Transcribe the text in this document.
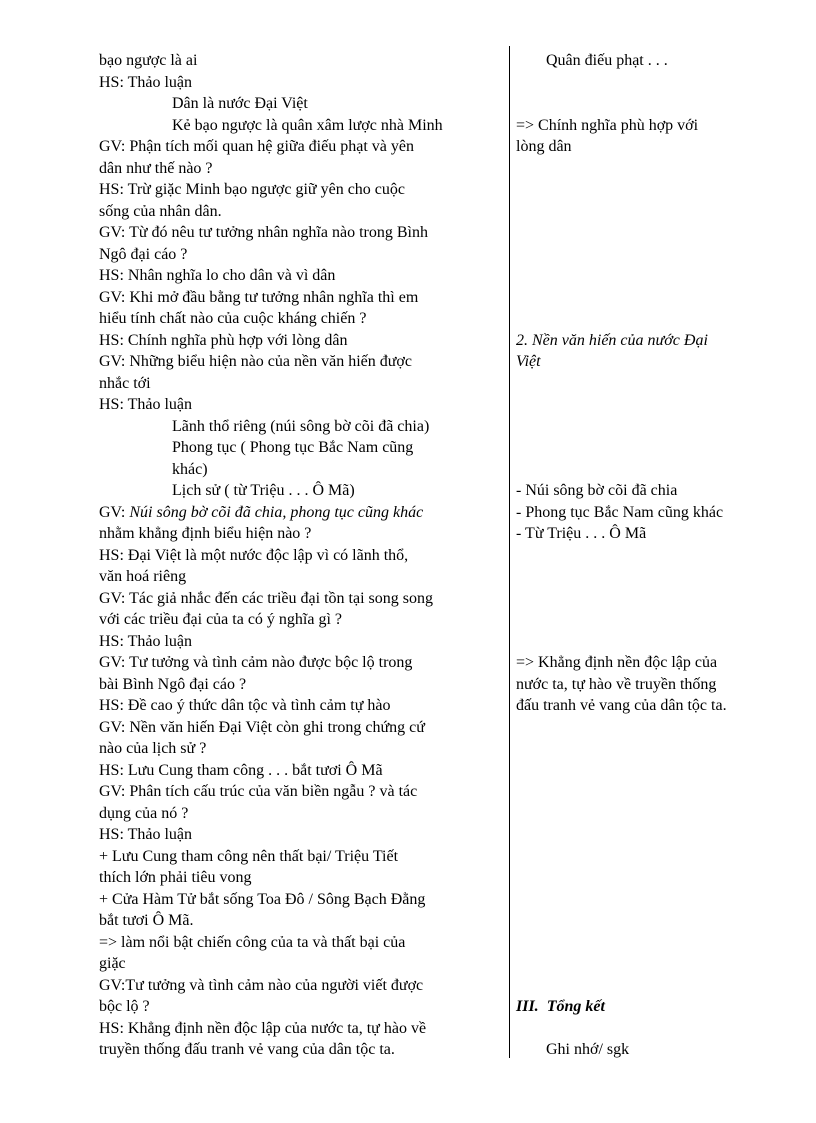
bạo ngược là ai
HS: Thảo luận
Dân là nước Đại Việt
Kẻ bạo ngược là quân xâm lược nhà Minh
GV: Phận tích mối quan hệ giữa điếu phạt và yên
dân như thế nào ?
HS: Trừ giặc Minh bạo ngược giữ yên cho cuộc
sống của nhân dân.
GV: Từ đó nêu tư tưởng nhân nghĩa nào trong Bình
Ngô đại cáo ?
HS: Nhân nghĩa lo cho dân và vì dân
GV: Khi mở đầu bằng tư tưởng nhân nghĩa thì em
hiểu tính chất nào của cuộc kháng chiến ?
HS: Chính nghĩa phù hợp với lòng dân
GV: Những biểu hiện nào của nền văn hiến được
nhắc tới
HS: Thảo luận
Lãnh thổ riêng (núi sông bờ cõi đã chia)
Phong tục ( Phong tục Bắc Nam cũng
khác)
Lịch sử ( từ Triệu . . . Ô Mã)
GV: Núi sông bờ cõi đã chia, phong tục cũng khác
nhằm khẳng định biểu hiện nào ?
HS: Đại Việt là một nước độc lập vì có lãnh thổ,
văn hoá riêng
GV: Tác giả nhắc đến các triều đại tồn tại song song
với các triều đại của ta có ý nghĩa gì ?
HS: Thảo luận
GV: Tư tưởng và tình cảm nào được bộc lộ trong
bài Bình Ngô đại cáo ?
HS: Đề cao ý thức dân tộc và tình cảm tự hào
GV: Nền văn hiến Đại Việt còn ghi trong chứng cứ
nào của lịch sử ?
HS: Lưu Cung tham công . . . bắt tươi Ô Mã
GV: Phân tích cấu trúc của văn biền ngẫu ? và tác
dụng của nó ?
HS: Thảo luận
+ Lưu Cung tham công nên thất bại/ Triệu Tiết
thích lớn phải tiêu vong
+ Cửa Hàm Tử bắt sống Toa Đô / Sông Bạch Đằng
bắt tươi Ô Mã.
=> làm nổi bật chiến công của ta và thất bại của
giặc
GV:Tư tưởng và tình cảm nào của người viết được
bộc lộ ?
HS: Khẳng định nền độc lập của nước ta, tự hào về
truyền thống đấu tranh vẻ vang của dân tộc ta.
Quân điếu phạt . . .
=> Chính nghĩa phù hợp với
lòng dân
2. Nền văn hiến của nước Đại
Việt
- Núi sông bờ cõi đã chia
- Phong tục Bắc Nam cũng khác
- Từ Triệu . . . Ô Mã
=> Khẳng định nền độc lập của
nước ta, tự hào về truyền thống
đấu tranh vẻ vang của dân tộc ta.
III. Tổng kết
Ghi nhớ/ sgk
